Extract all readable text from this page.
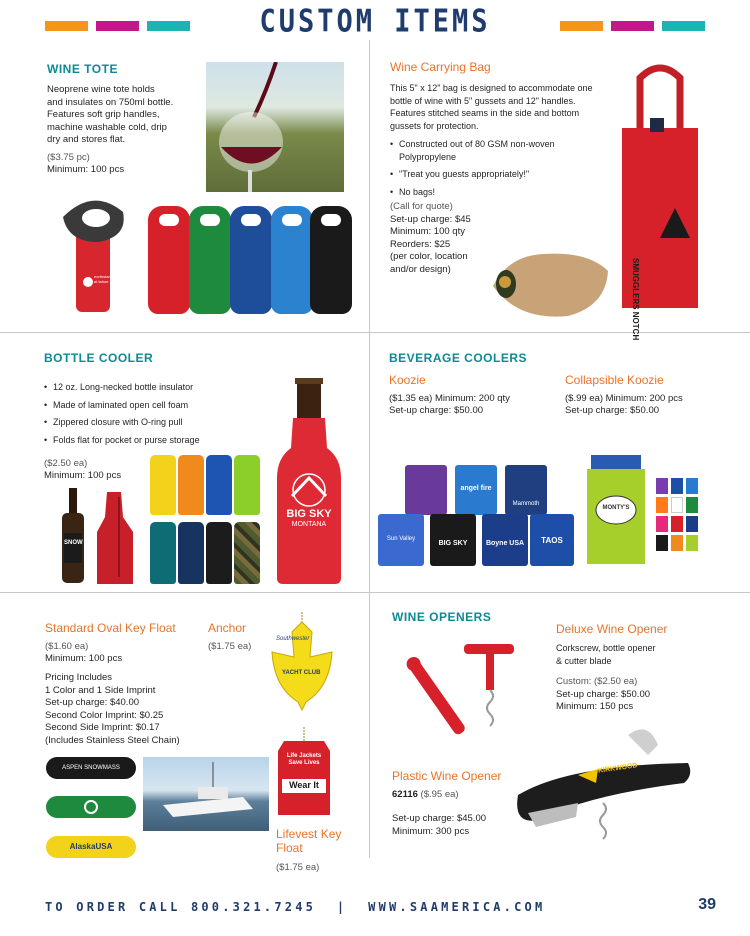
CUSTOM ITEMS
WINE TOTE
Neoprene wine tote holds
and insulates on 750ml bottle.
Features soft grip handles,
machine washable cold, drip
dry and stores flat.
($3.75 pc)
Minimum: 100 pcs
northstar at tahoe
Wine Carrying Bag
This 5" x 12" bag is designed to accommodate one
bottle of wine with 5" gussets and 12" handles.
Features stitched seams in the side and bottom
gussets for protection.
• Constructed out of 80 GSM non-woven Polypropylene
• "Treat you guests appropriately!"
• No bags!
(Call for quote)
Set-up charge: $45
Minimum: 100 qty
Reorders: $25
(per color, location
and/or design)	SMUGGLERS NOTCH
BOTTLE COOLER
• 12 oz. Long-necked bottle insulator
• Made of laminated open cell foam
• Zippered closure with O-ring pull
• Folds flat for pocket or purse storage
($2.50 ea)
Minimum: 100 pcs
SNOW
BIG SKY
MONTANA
BEVERAGE COOLERS
Koozie
($1.35 ea) Minimum: 200 qty
Set-up charge: $50.00
Collapsible Koozie
($.99 ea) Minimum: 200 pcs
Set-up charge: $50.00
angel fire
Mammoth
Sun Valley
BIG SKY	Boyne USA	TAOS
MONTY'S
Standard Oval Key Float
($1.60 ea)
Minimum: 100 pcs
Pricing Includes
1 Color and 1 Side Imprint
Set-up charge: $40.00
Second Color Imprint: $0.25
Second Side Imprint: $0.17
(Includes Stainless Steel Chain)
ASPEN SNOWMASS
AlaskaUSA
Anchor
($1.75 ea)
Southwester
YACHT CLUB
Life Jackets Save Lives
Wear It
Lifevest Key Float
($1.75 ea)
WINE OPENERS
Deluxe Wine Opener
Corkscrew, bottle opener
& cutter blade
Custom: ($2.50 ea)
Set-up charge: $50.00
Minimum: 150 pcs
Plastic Wine Opener
62116 ($.95 ea)
Set-up charge: $45.00
Minimum: 300 pcs
KIRKWOOD
TO ORDER CALL 800.321.7245  |  WWW.SAAMERICA.COM	39
